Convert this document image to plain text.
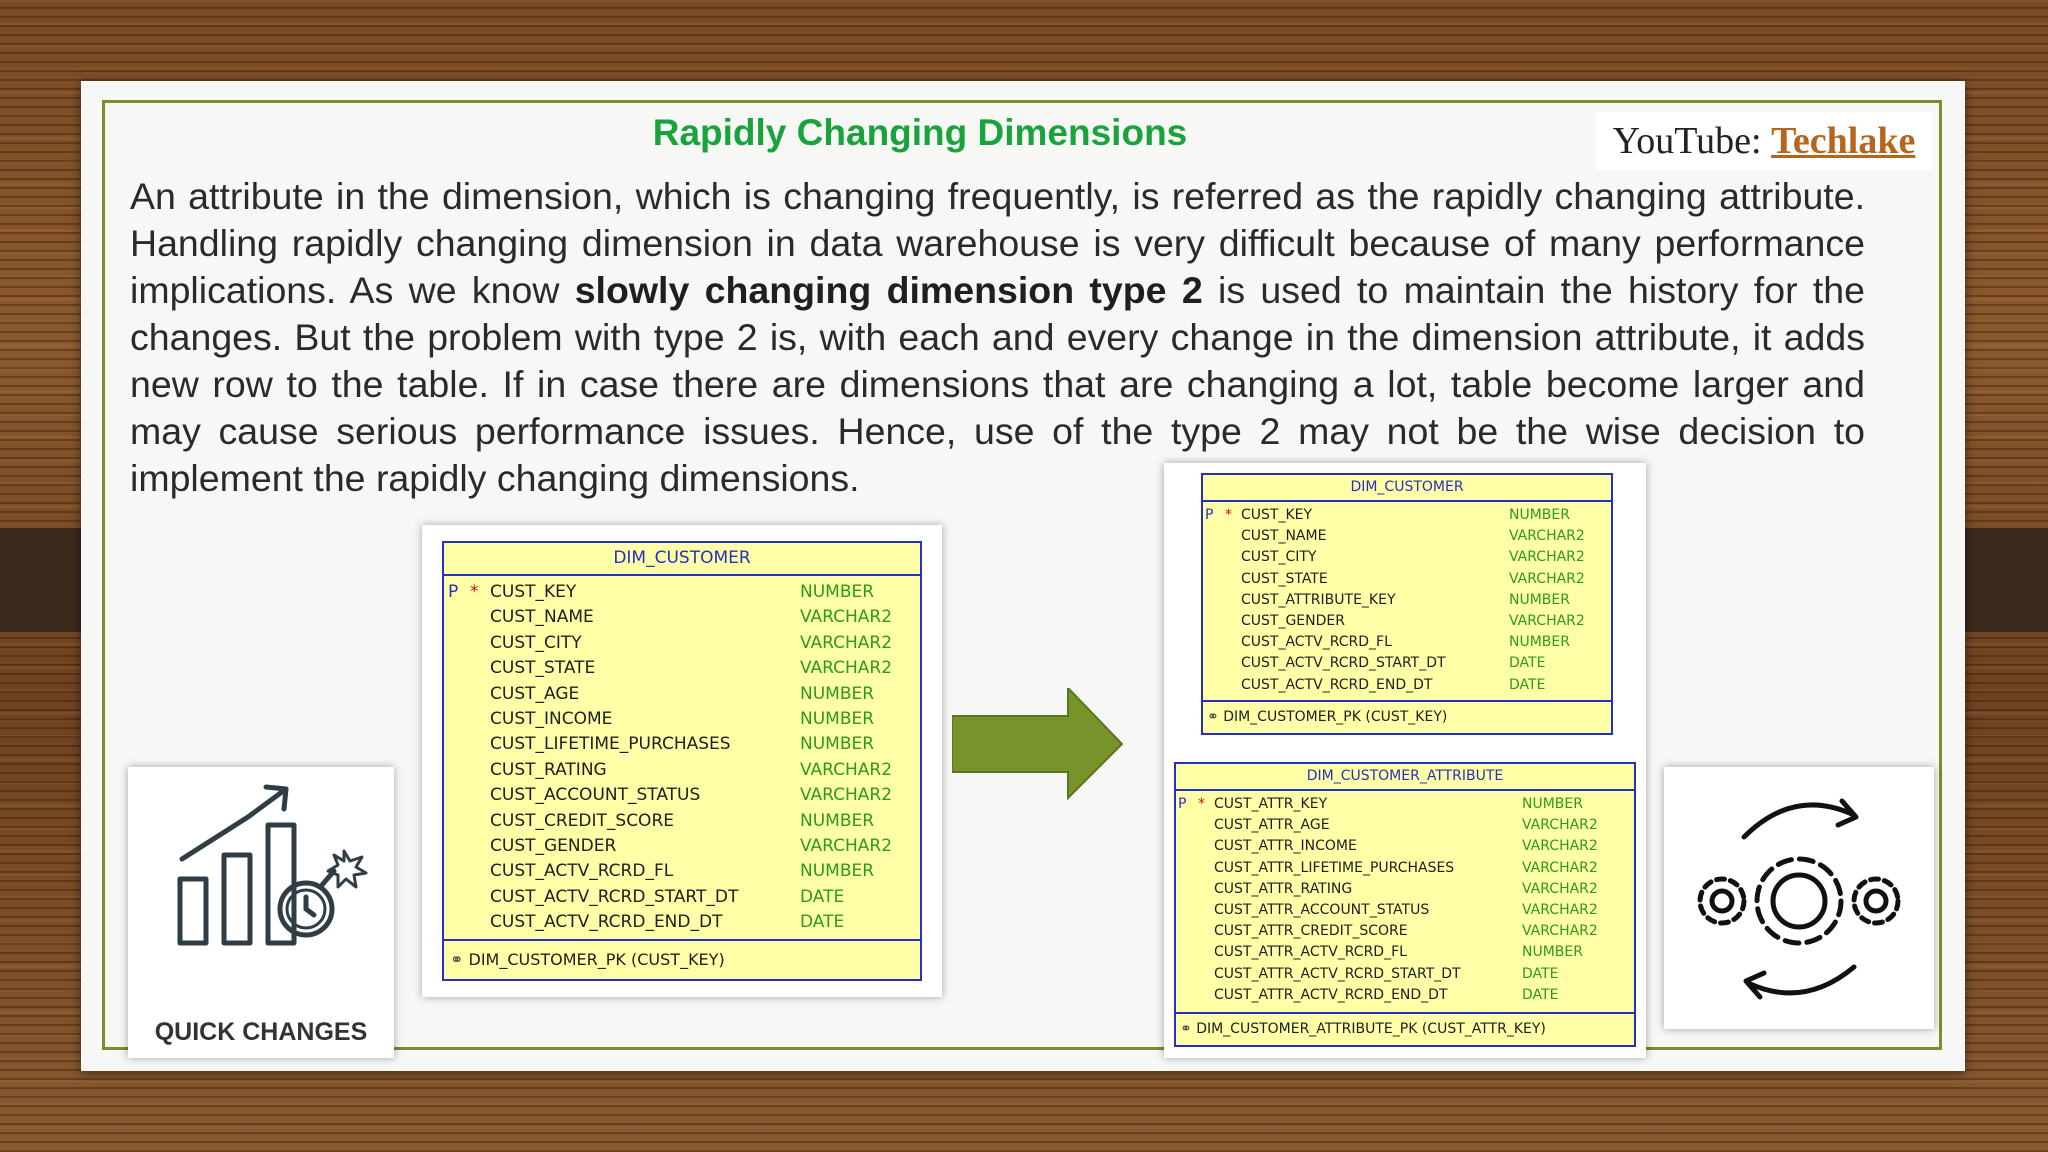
Rapidly Changing Dimensions	YouTube: Techlake
An attribute in the dimension, which is changing frequently, is referred as the rapidly changing attribute. Handling rapidly changing dimension in data warehouse is very difficult because of many performance implications. As we know slowly changing dimension type 2 is used to maintain the history for the changes. But the problem with type 2 is, with each and every change in the dimension attribute, it adds new row to the table. If in case there are dimensions that are changing a lot, table become larger and may cause serious performance issues. Hence, use of the type 2 may not be the wise decision to implement the rapidly changing dimensions.
QUICK CHANGES
DIM_CUSTOMER
P * CUST_KEY	NUMBER
CUST_NAME	VARCHAR2
CUST_CITY	VARCHAR2
CUST_STATE	VARCHAR2
CUST_AGE	NUMBER
CUST_INCOME	NUMBER
CUST_LIFETIME_PURCHASES	NUMBER
CUST_RATING	VARCHAR2
CUST_ACCOUNT_STATUS	VARCHAR2
CUST_CREDIT_SCORE	NUMBER
CUST_GENDER	VARCHAR2
CUST_ACTV_RCRD_FL	NUMBER
CUST_ACTV_RCRD_START_DT	DATE
CUST_ACTV_RCRD_END_DT	DATE
⚭ DIM_CUSTOMER_PK (CUST_KEY)
DIM_CUSTOMER
P * CUST_KEY	NUMBER
CUST_NAME	VARCHAR2
CUST_CITY	VARCHAR2
CUST_STATE	VARCHAR2
CUST_ATTRIBUTE_KEY	NUMBER
CUST_GENDER	VARCHAR2
CUST_ACTV_RCRD_FL	NUMBER
CUST_ACTV_RCRD_START_DT	DATE
CUST_ACTV_RCRD_END_DT	DATE
⚭ DIM_CUSTOMER_PK (CUST_KEY)
DIM_CUSTOMER_ATTRIBUTE
P * CUST_ATTR_KEY	NUMBER
CUST_ATTR_AGE	VARCHAR2
CUST_ATTR_INCOME	VARCHAR2
CUST_ATTR_LIFETIME_PURCHASES	VARCHAR2
CUST_ATTR_RATING	VARCHAR2
CUST_ATTR_ACCOUNT_STATUS	VARCHAR2
CUST_ATTR_CREDIT_SCORE	VARCHAR2
CUST_ATTR_ACTV_RCRD_FL	NUMBER
CUST_ATTR_ACTV_RCRD_START_DT	DATE
CUST_ATTR_ACTV_RCRD_END_DT	DATE
⚭ DIM_CUSTOMER_ATTRIBUTE_PK (CUST_ATTR_KEY)
